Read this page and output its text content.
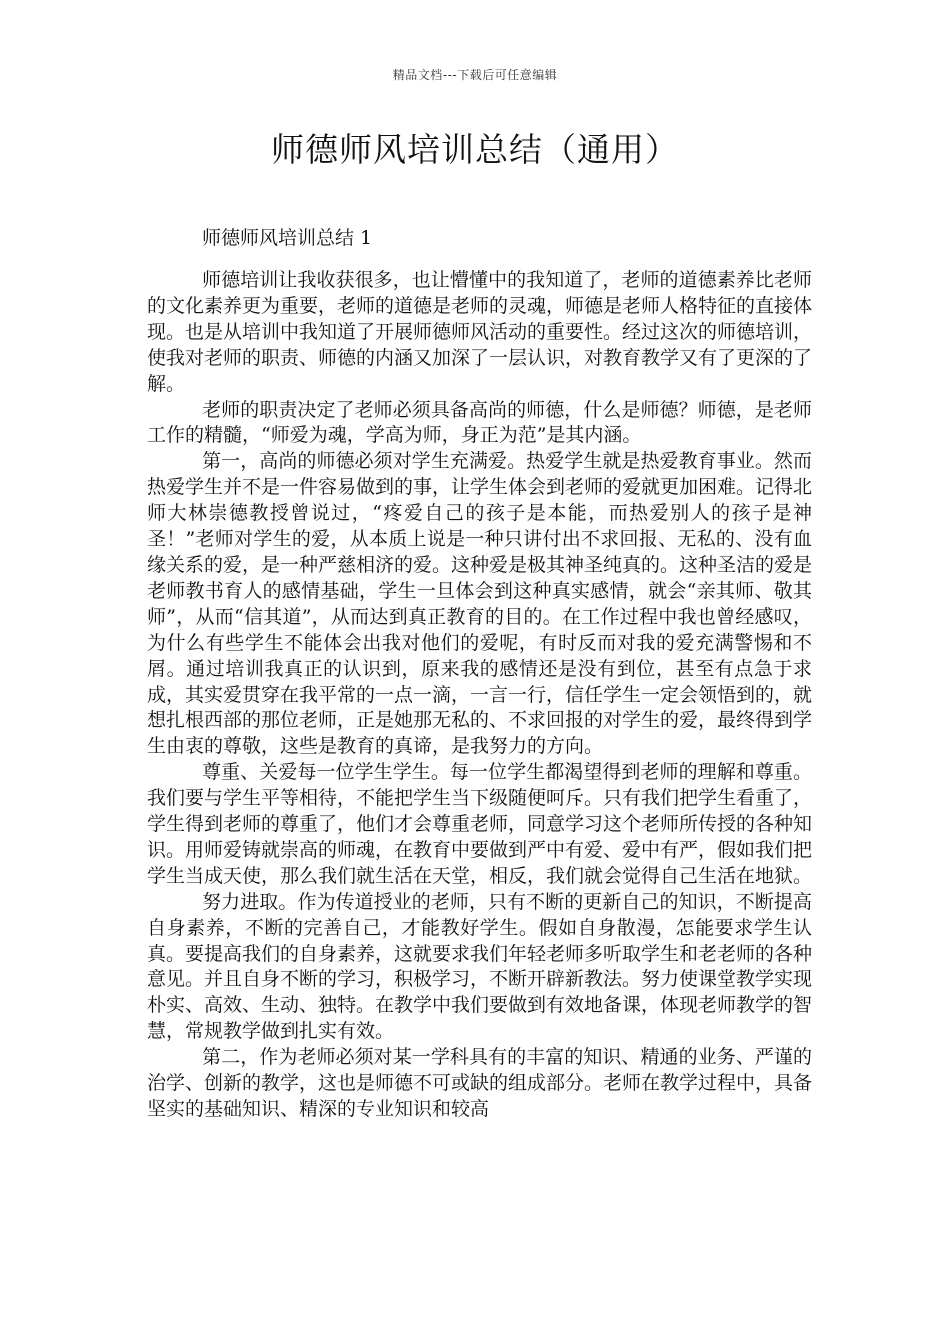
精品文档---下载后可任意编辑
师德师风培训总结（通用）

师德师风培训总结 1

师德培训让我收获很多，也让懵懂中的我知道了，老师的道德素养比老师的文化素养更为重要，老师的道德是老师的灵魂，师德是老师人格特征的直接体现。也是从培训中我知道了开展师德师风活动的重要性。经过这次的师德培训，使我对老师的职责、师德的内涵又加深了一层认识，对教育教学又有了更深的了解。

老师的职责决定了老师必须具备高尚的师德，什么是师德？师德，是老师工作的精髓，“师爱为魂，学高为师，身正为范”是其内涵。

第一，高尚的师德必须对学生充满爱。热爱学生就是热爱教育事业。然而热爱学生并不是一件容易做到的事，让学生体会到老师的爱就更加困难。记得北师大林崇德教授曾说过，“疼爱自己的孩子是本能，而热爱别人的孩子是神圣！”老师对学生的爱，从本质上说是一种只讲付出不求回报、无私的、没有血缘关系的爱，是一种严慈相济的爱。这种爱是极其神圣纯真的。这种圣洁的爱是老师教书育人的感情基础，学生一旦体会到这种真实感情，就会“亲其师、敬其师”，从而“信其道”，从而达到真正教育的目的。在工作过程中我也曾经感叹，为什么有些学生不能体会出我对他们的爱呢，有时反而对我的爱充满警惕和不屑。通过培训我真正的认识到，原来我的感情还是没有到位，甚至有点急于求成，其实爱贯穿在我平常的一点一滴，一言一行，信任学生一定会领悟到的，就想扎根西部的那位老师，正是她那无私的、不求回报的对学生的爱，最终得到学生由衷的尊敬，这些是教育的真谛，是我努力的方向。

尊重、关爱每一位学生学生。每一位学生都渴望得到老师的理解和尊重。我们要与学生平等相待，不能把学生当下级随便呵斥。只有我们把学生看重了，学生得到老师的尊重了，他们才会尊重老师，同意学习这个老师所传授的各种知识。用师爱铸就崇高的师魂，在教育中要做到严中有爱、爱中有严，假如我们把学生当成天使，那么我们就生活在天堂，相反，我们就会觉得自己生活在地狱。

努力进取。作为传道授业的老师，只有不断的更新自己的知识，不断提高自身素养，不断的完善自己，才能教好学生。假如自身散漫，怎能要求学生认真。要提高我们的自身素养，这就要求我们年轻老师多听取学生和老老师的各种意见。并且自身不断的学习，积极学习，不断开辟新教法。努力使课堂教学实现朴实、高效、生动、独特。在教学中我们要做到有效地备课，体现老师教学的智慧，常规教学做到扎实有效。

第二，作为老师必须对某一学科具有的丰富的知识、精通的业务、严谨的治学、创新的教学，这也是师德不可或缺的组成部分。老师在教学过程中，具备坚实的基础知识、精深的专业知识和较高
